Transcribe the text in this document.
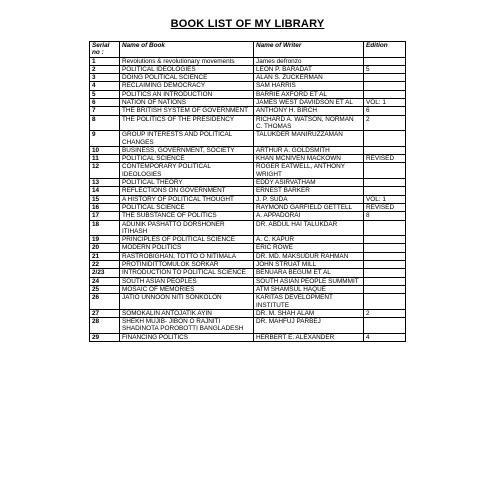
BOOK LIST OF MY LIBRARY
Serial no :	Name of Book	Name of Writer	Edition
1	Revolutions & revolutionary movements	James defronzo	
2	POLITICAL IDEOLOGIES	LEON P. BARADAT	5
3	DOING POLITICAL SCIENCE	ALAN S. ZUCKERMAN	
4	RECLAIMING DEMOCRACY	SAM HARRIS	
5	POLITICS AN INTRODUCTION	BARRIE AXFORD ET AL	
6	NATION OF NATIONS	JAMES WEST DAVIIDSON ET AL	VOL: 1
7	THE BRITISH SYSTEM OF GOVERNMENT	ANTHONY H. BIRCH	6
8	THE POLITICS OF THE PRESIDENCY	RICHARD A. WATSON, NORMAN C. THOMAS	2
9	GROUP INTERESTS AND POLITICAL CHANGES	TALUKDER MANIRUZZAMAN	
10	BUSINESS, GOVERNMENT, SOCIETY	ARTHUR A. GOLDSMITH	
11	POLITICAL SCIENCE	KHAN MCNIVEN MACKOWN	REVISED
12	CONTEMPORARY POLITICAL IDEOLOGIES	ROGER EATWELL, ANTHONY WRIGHT	
13	POLITICAL THEORY	EDDY ASIRVATHAM	
14	REFLECTIONS ON GOVERNMENT	ERNEST BARKER	
15	A HISTORY OF POLITICAL THOUGHT	J. P. SUDA	VOL: 1
16	POLITICAL SCIENCE	RAYMOND GARFIELD GETTELL	REVISED
17	THE SUBSTANCE OF POLITICS	A. APPADORAI	8
18	ADUNIK PASHATTO DORSHONER ITIHASH	DR. ABDUL HAI TALUKDAR	
19	PRINCIPLES OF POLITICAL SCIENCE	A. C. KAPUR	
20	MODERN POLITICS	ERIC ROWE	
21	RASTROBIGHAN, TOTTO O NITIMALA	DR. MD. MAKSUDUR RAHMAN	
22	PROTINIDITTOMULOK SORKAR	JOHN STRUAT MILL	
2/23	INTRODUCTION TO POLITICAL SCIENCE	BENUARA BEGUM ET AL	
24	SOUTH ASIAN PEOPLES	SOUTH ASIAN PEOPLE SUMMMIT	
25	MOSAIC OF MEMORIES	ATM SHAMSUL HAQUE	
26	JATIO UNNOON NITI SONKOLON	KARITAS DEVELOPMENT INSTITUTE	
27	SOMOKALIN ANTOJATIK AYIN	DR. M. SHAH ALAM	2
28	SHEKH MUJIB- JIBON O RAJNITI SHADINOTA POROBOTTI BANGLADESH	DR. MAHFUJ PARBEJ	
29	FINANCING POLITICS	HERBERT E. ALEXANDER	4
